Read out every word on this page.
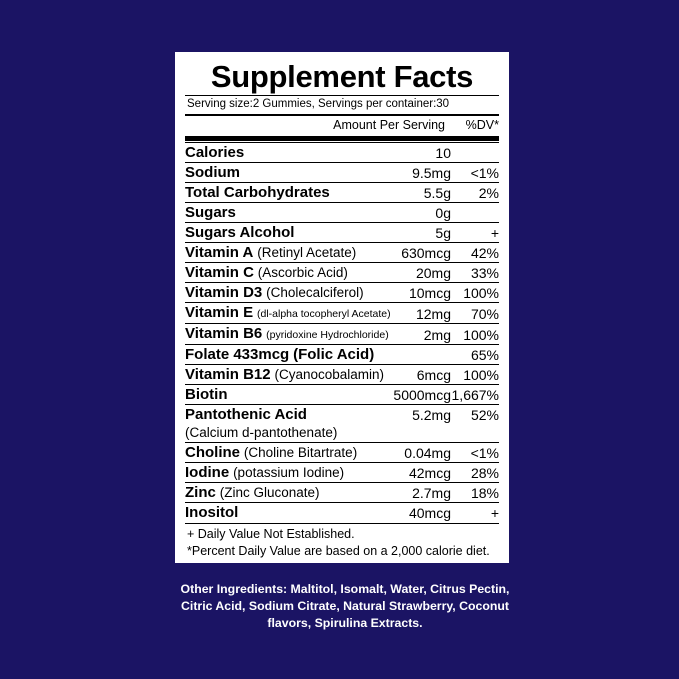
Supplement Facts
Serving size:2 Gummies, Servings per container:30
Amount Per Serving	%DV*
Calories	10	
Sodium	9.5mg	<1%
Total Carbohydrates	5.5g	2%
Sugars	0g	
Sugars Alcohol	5g	+
Vitamin A (Retinyl Acetate)	630mcg	42%
Vitamin C (Ascorbic Acid)	20mg	33%
Vitamin D3 (Cholecalciferol)	10mcg	100%
Vitamin E (dl-alpha tocopheryl Acetate)	12mg	70%
Vitamin B6 (pyridoxine Hydrochloride)	2mg	100%
Folate 433mcg (Folic Acid)		65%
Vitamin B12 (Cyanocobalamin)	6mcg	100%
Biotin	5000mcg	1,667%
Pantothenic Acid	5.2mg	52%
(Calcium d-pantothenate)		
Choline (Choline Bitartrate)	0.04mg	<1%
Iodine (potassium Iodine)	42mcg	28%
Zinc (Zinc Gluconate)	2.7mg	18%
Inositol	40mcg	+
+ Daily Value Not Established.
*Percent Daily Value are based on a 2,000 calorie diet.
Other Ingredients: Maltitol, Isomalt, Water, Citrus Pectin, Citric Acid, Sodium Citrate, Natural Strawberry, Coconut flavors, Spirulina Extracts.
